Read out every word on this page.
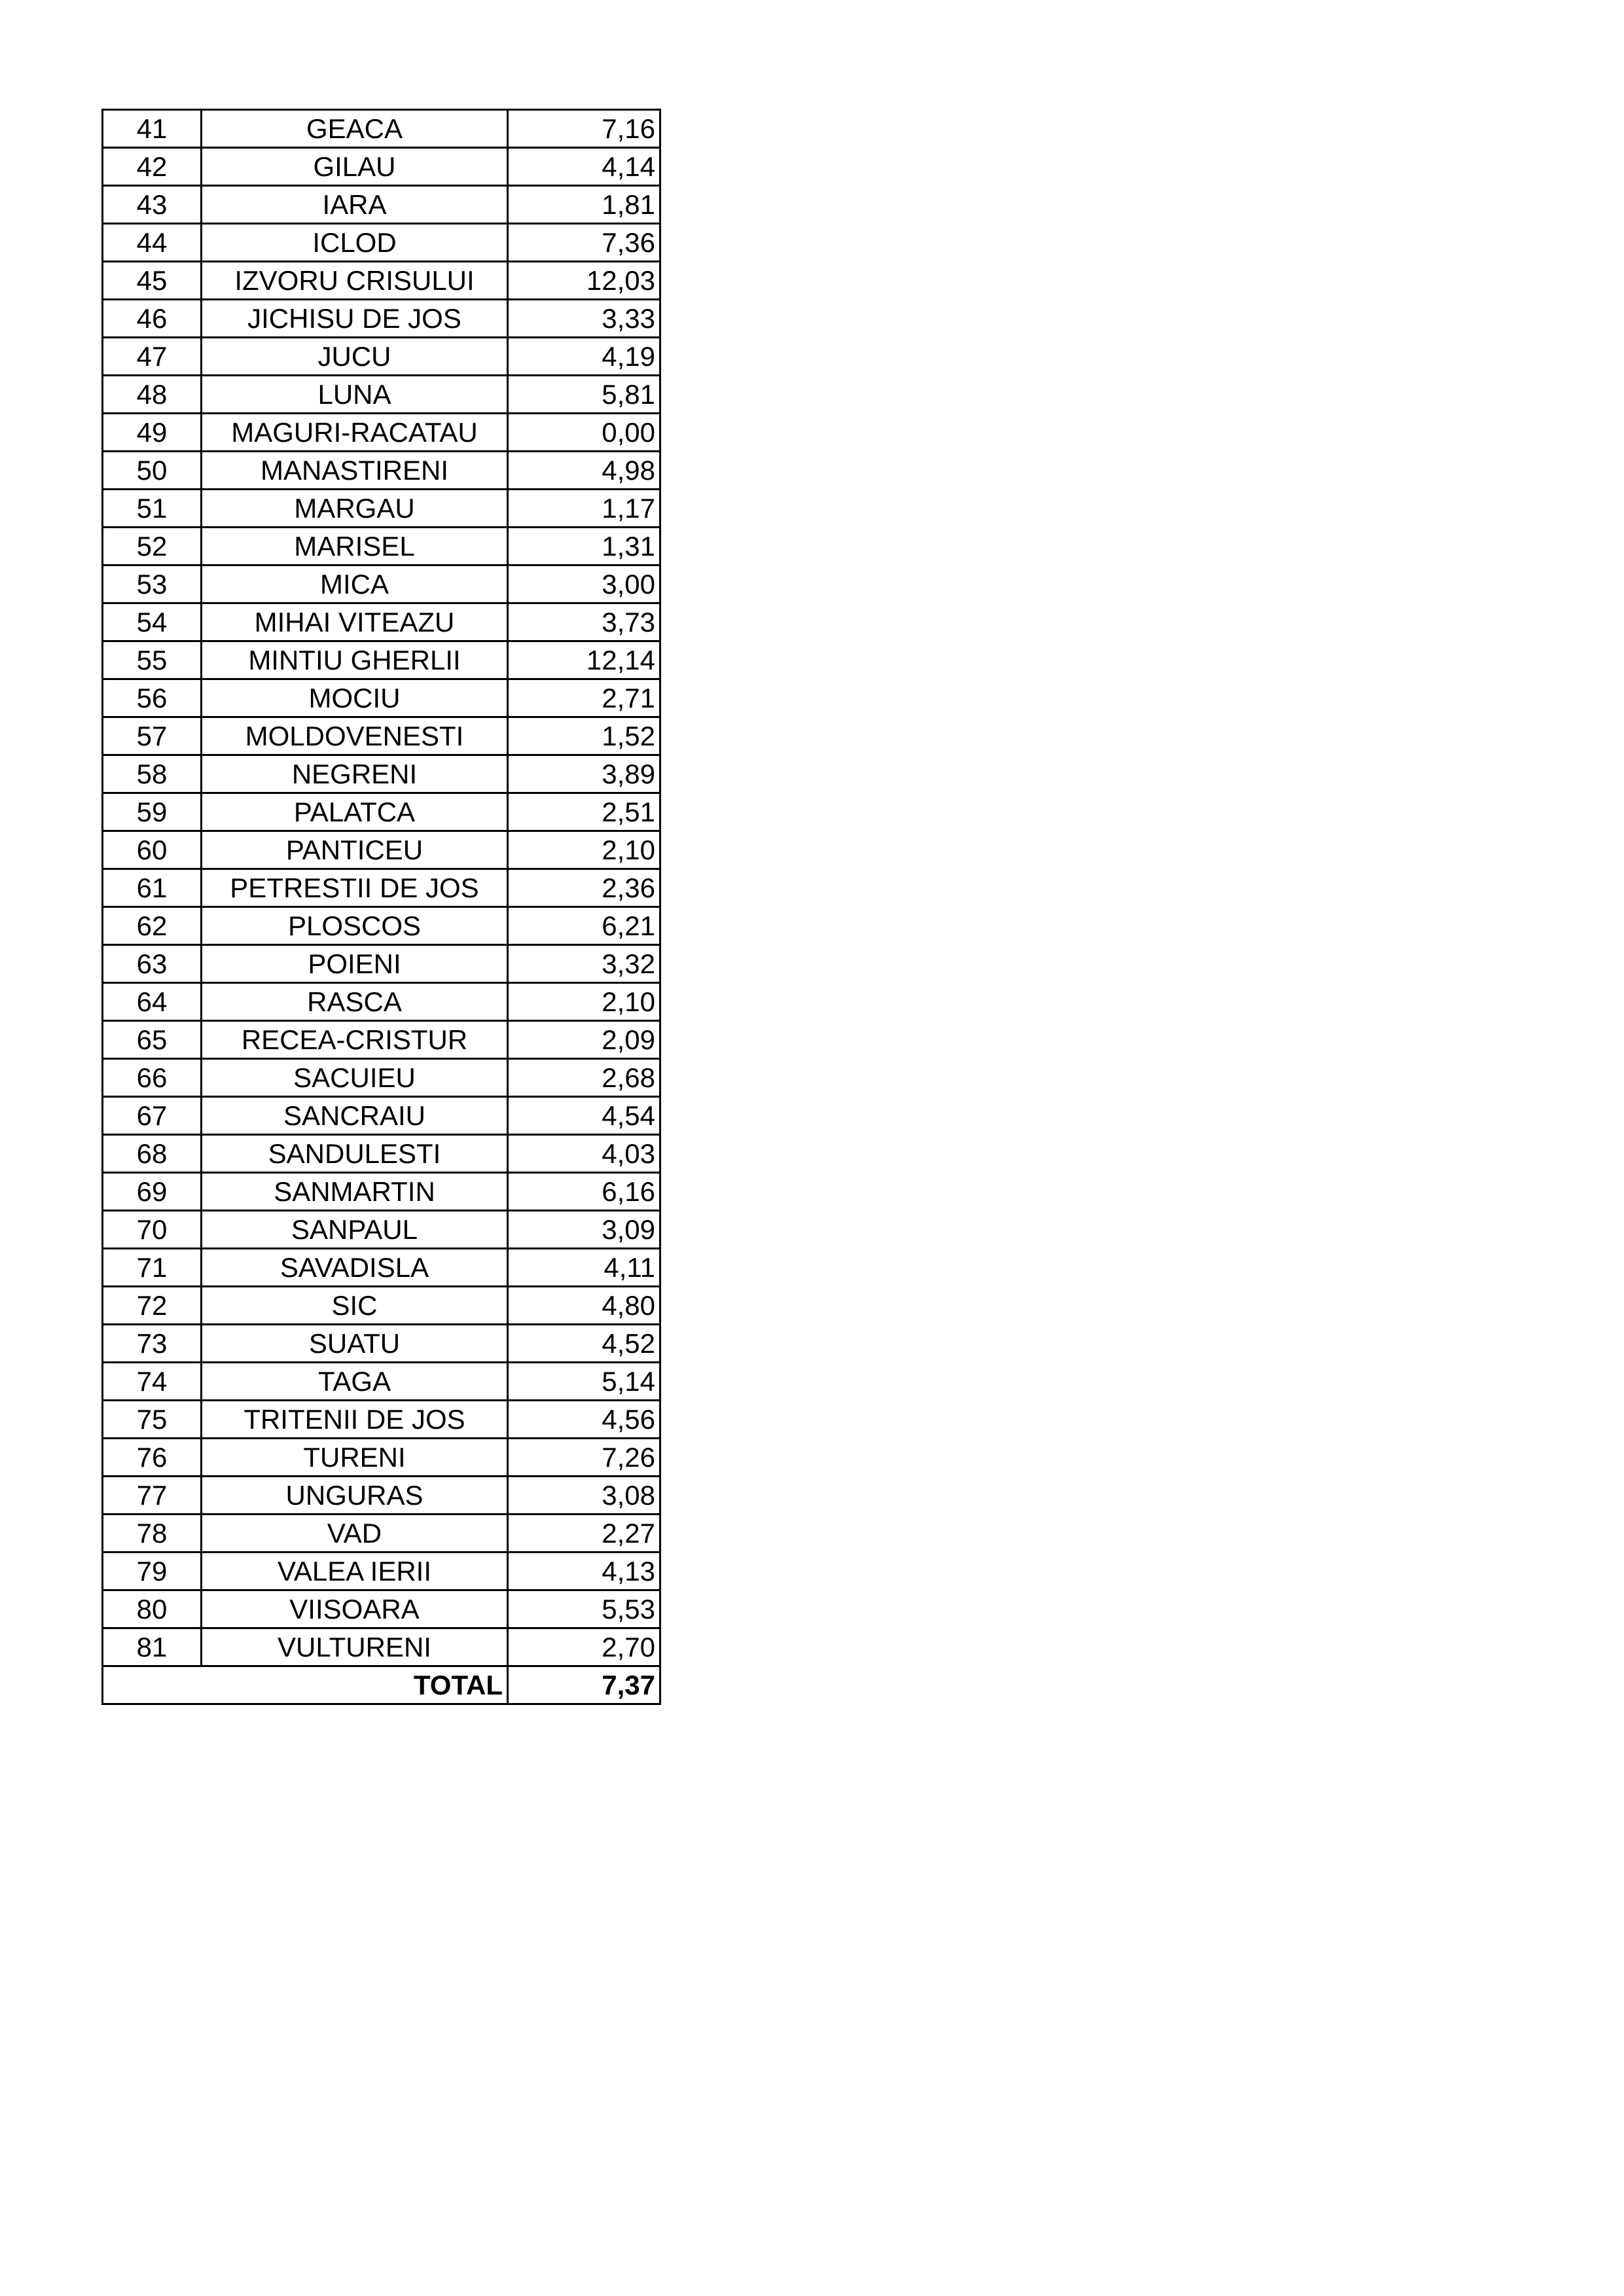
41	GEACA	7,16
42	GILAU	4,14
43	IARA	1,81
44	ICLOD	7,36
45	IZVORU CRISULUI	12,03
46	JICHISU DE JOS	3,33
47	JUCU	4,19
48	LUNA	5,81
49	MAGURI-RACATAU	0,00
50	MANASTIRENI	4,98
51	MARGAU	1,17
52	MARISEL	1,31
53	MICA	3,00
54	MIHAI VITEAZU	3,73
55	MINTIU GHERLII	12,14
56	MOCIU	2,71
57	MOLDOVENESTI	1,52
58	NEGRENI	3,89
59	PALATCA	2,51
60	PANTICEU	2,10
61	PETRESTII DE JOS	2,36
62	PLOSCOS	6,21
63	POIENI	3,32
64	RASCA	2,10
65	RECEA-CRISTUR	2,09
66	SACUIEU	2,68
67	SANCRAIU	4,54
68	SANDULESTI	4,03
69	SANMARTIN	6,16
70	SANPAUL	3,09
71	SAVADISLA	4,11
72	SIC	4,80
73	SUATU	4,52
74	TAGA	5,14
75	TRITENII DE JOS	4,56
76	TURENI	7,26
77	UNGURAS	3,08
78	VAD	2,27
79	VALEA IERII	4,13
80	VIISOARA	5,53
81	VULTURENI	2,70
TOTAL		7,37
